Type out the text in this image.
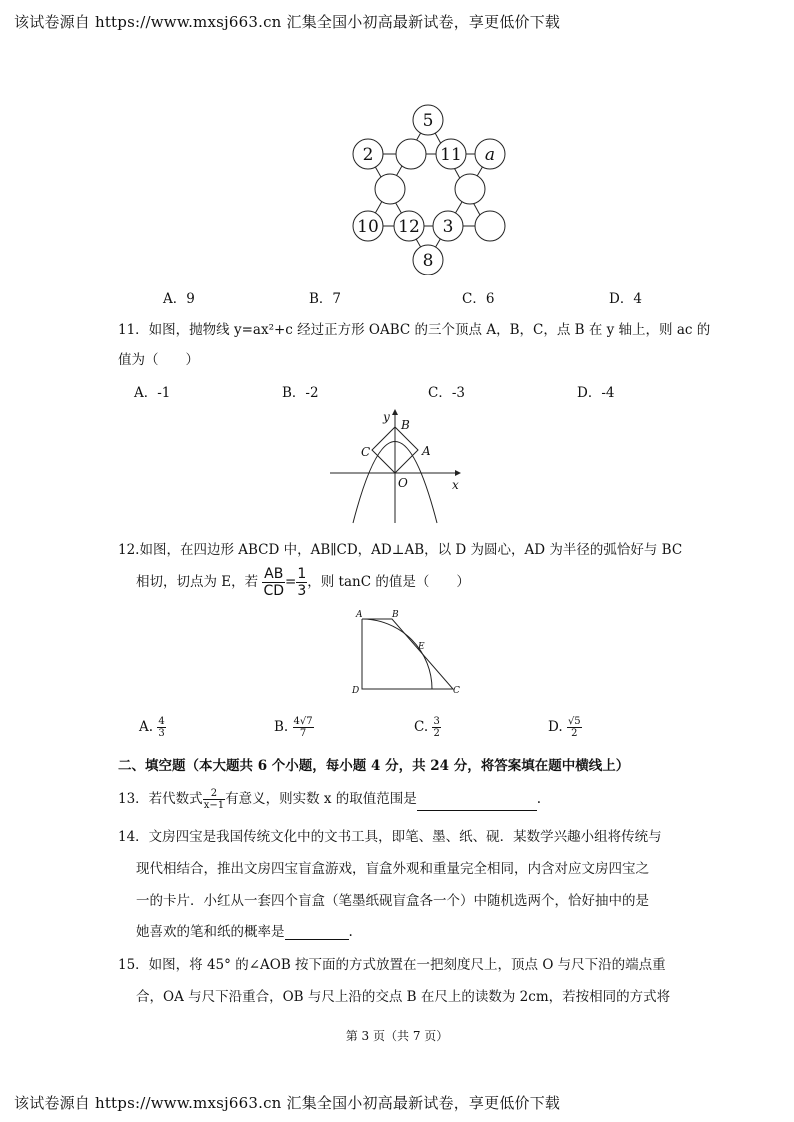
该试卷源自 https://www.mxsj663.cn 汇集全国小初高最新试卷，享更低价下载
5
2	11 a
10 12 3
8
A．9	B．7	C．6	D．4
11．如图，抛物线 y=ax²+c 经过正方形 OABC 的三个顶点 A，B，C，点 B 在 y 轴上，则 ac 的
值为（　　）
A．-1	B．-2	C．-3	D．-4
y
x
B
C	A
O
12.如图，在四边形 ABCD 中，AB∥CD，AD⊥AB，以 D 为圆心，AD 为半径的弧恰好与 BC
相切，切点为 E，若 $\frac{AB}{CD} = \frac{1}{3}$ ，则 tanC 的值是（　　）
A	B
E
D	C
A. $\frac{4}{3}$	B. $\frac{4√7}{7}$	C. $\frac{3}{2}$	D. $\frac{√5}{2}$
二、填空题（本大题共 6 个小题，每小题 4 分，共 24 分，将答案填在题中横线上）
13．若代数式 $\frac{2}{x-1}$ 有意义，则实数 x 的取值范围是	.
14．文房四宝是我国传统文化中的文书工具，即笔、墨、纸、砚．某数学兴趣小组将传统与
现代相结合，推出文房四宝盲盒游戏，盲盒外观和重量完全相同，内含对应文房四宝之
一的卡片．小红从一套四个盲盒（笔墨纸砚盲盒各一个）中随机选两个，恰好抽中的是
她喜欢的笔和纸的概率是	.
15．如图，将 45° 的∠AOB 按下面的方式放置在一把刻度尺上，顶点 O 与尺下沿的端点重
合，OA 与尺下沿重合，OB 与尺上沿的交点 B 在尺上的读数为 2cm，若按相同的方式将
第 3 页（共 7 页）
该试卷源自 https://www.mxsj663.cn 汇集全国小初高最新试卷，享更低价下载
